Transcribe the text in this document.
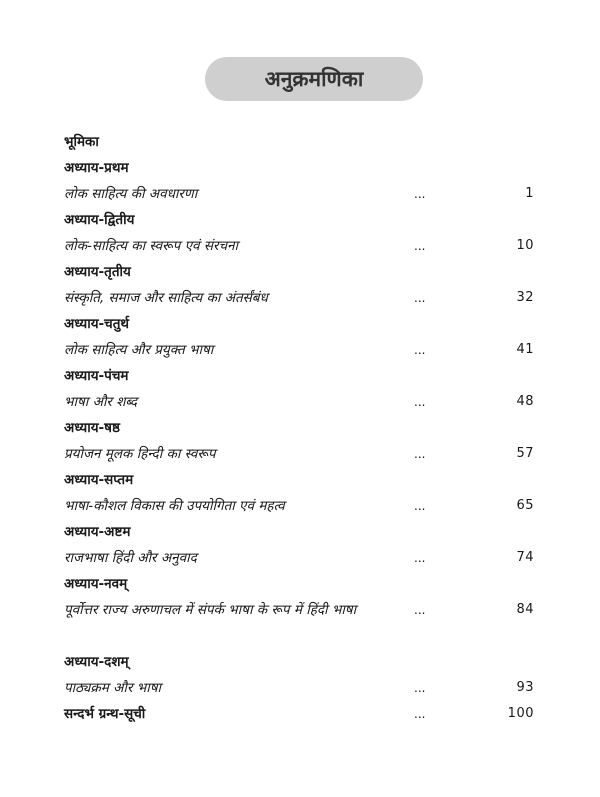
अनुक्रमणिका
भूमिका
अध्याय-प्रथम
लोक साहित्य की अवधारणा	...	1
अध्याय-द्वितीय
लोक-साहित्य का स्वरूप एवं संरचना	...	10
अध्याय-तृतीय
संस्कृति, समाज और साहित्य का अंतर्संबंध	...	32
अध्याय-चतुर्थ
लोक साहित्य और प्रयुक्त भाषा	...	41
अध्याय-पंचम
भाषा और शब्द	...	48
अध्याय-षष्ठ
प्रयोजन मूलक हिन्दी का स्वरूप	...	57
अध्याय-सप्तम
भाषा-कौशल विकास की उपयोगिता एवं महत्व	...	65
अध्याय-अष्टम
राजभाषा हिंदी और अनुवाद	...	74
अध्याय-नवम्
पूर्वोत्तर राज्य अरुणाचल में संपर्क भाषा के रूप में हिंदी भाषा	...	84
अध्याय-दशम्
पाठ्यक्रम और भाषा	...	93
सन्दर्भ ग्रन्थ-सूची	...	100
